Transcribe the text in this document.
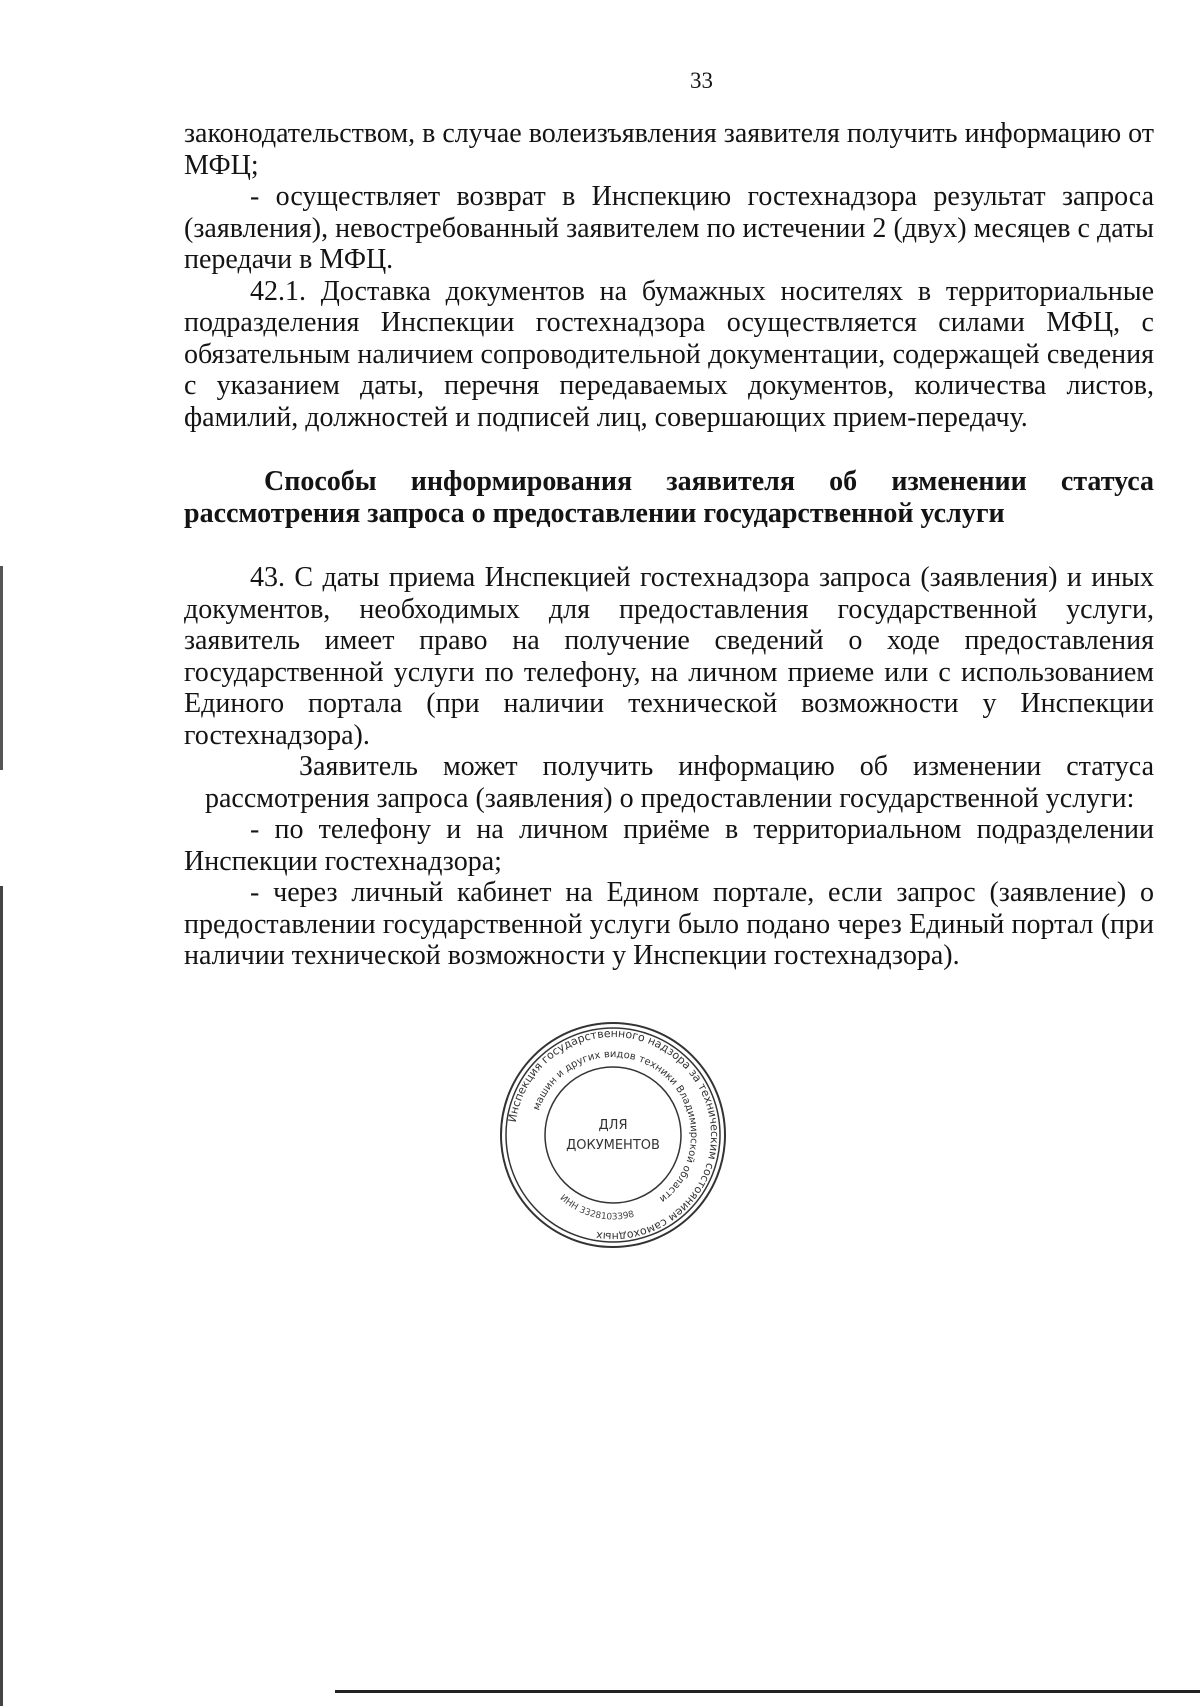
33

законодательством, в случае волеизъявления заявителя получить информацию от МФЦ;

- осуществляет возврат в Инспекцию гостехнадзора результат запроса (заявления), невостребованный заявителем по истечении 2 (двух) месяцев с даты передачи в МФЦ.

42.1. Доставка документов на бумажных носителях в территориальные подразделения Инспекции гостехнадзора осуществляется силами МФЦ, с обязательным наличием сопроводительной документации, содержащей сведения с указанием даты, перечня передаваемых документов, количества листов, фамилий, должностей и подписей лиц, совершающих прием-передачу.

Способы информирования заявителя об изменении статуса рассмотрения запроса о предоставлении государственной услуги

43. С даты приема Инспекцией гостехнадзора запроса (заявления) и иных документов, необходимых для предоставления государственной услуги, заявитель имеет право на получение сведений о ходе предоставления государственной услуги по телефону, на личном приеме или с использованием Единого портала (при наличии технической возможности у Инспекции гостехнадзора).

Заявитель может получить информацию об изменении статуса рассмотрения запроса (заявления) о предоставлении государственной услуги:

- по телефону и на личном приёме в территориальном подразделении Инспекции гостехнадзора;

- через личный кабинет на Едином портале, если запрос (заявление) о предоставлении государственной услуги было подано через Единый портал (при наличии технической возможности у Инспекции гостехнадзора).

Инспекция государственного надзора за техническим состоянием самоходных
машин и других видов техники Владимирской области
ИНН 3328103398
ДЛЯ
ДОКУМЕНТОВ
